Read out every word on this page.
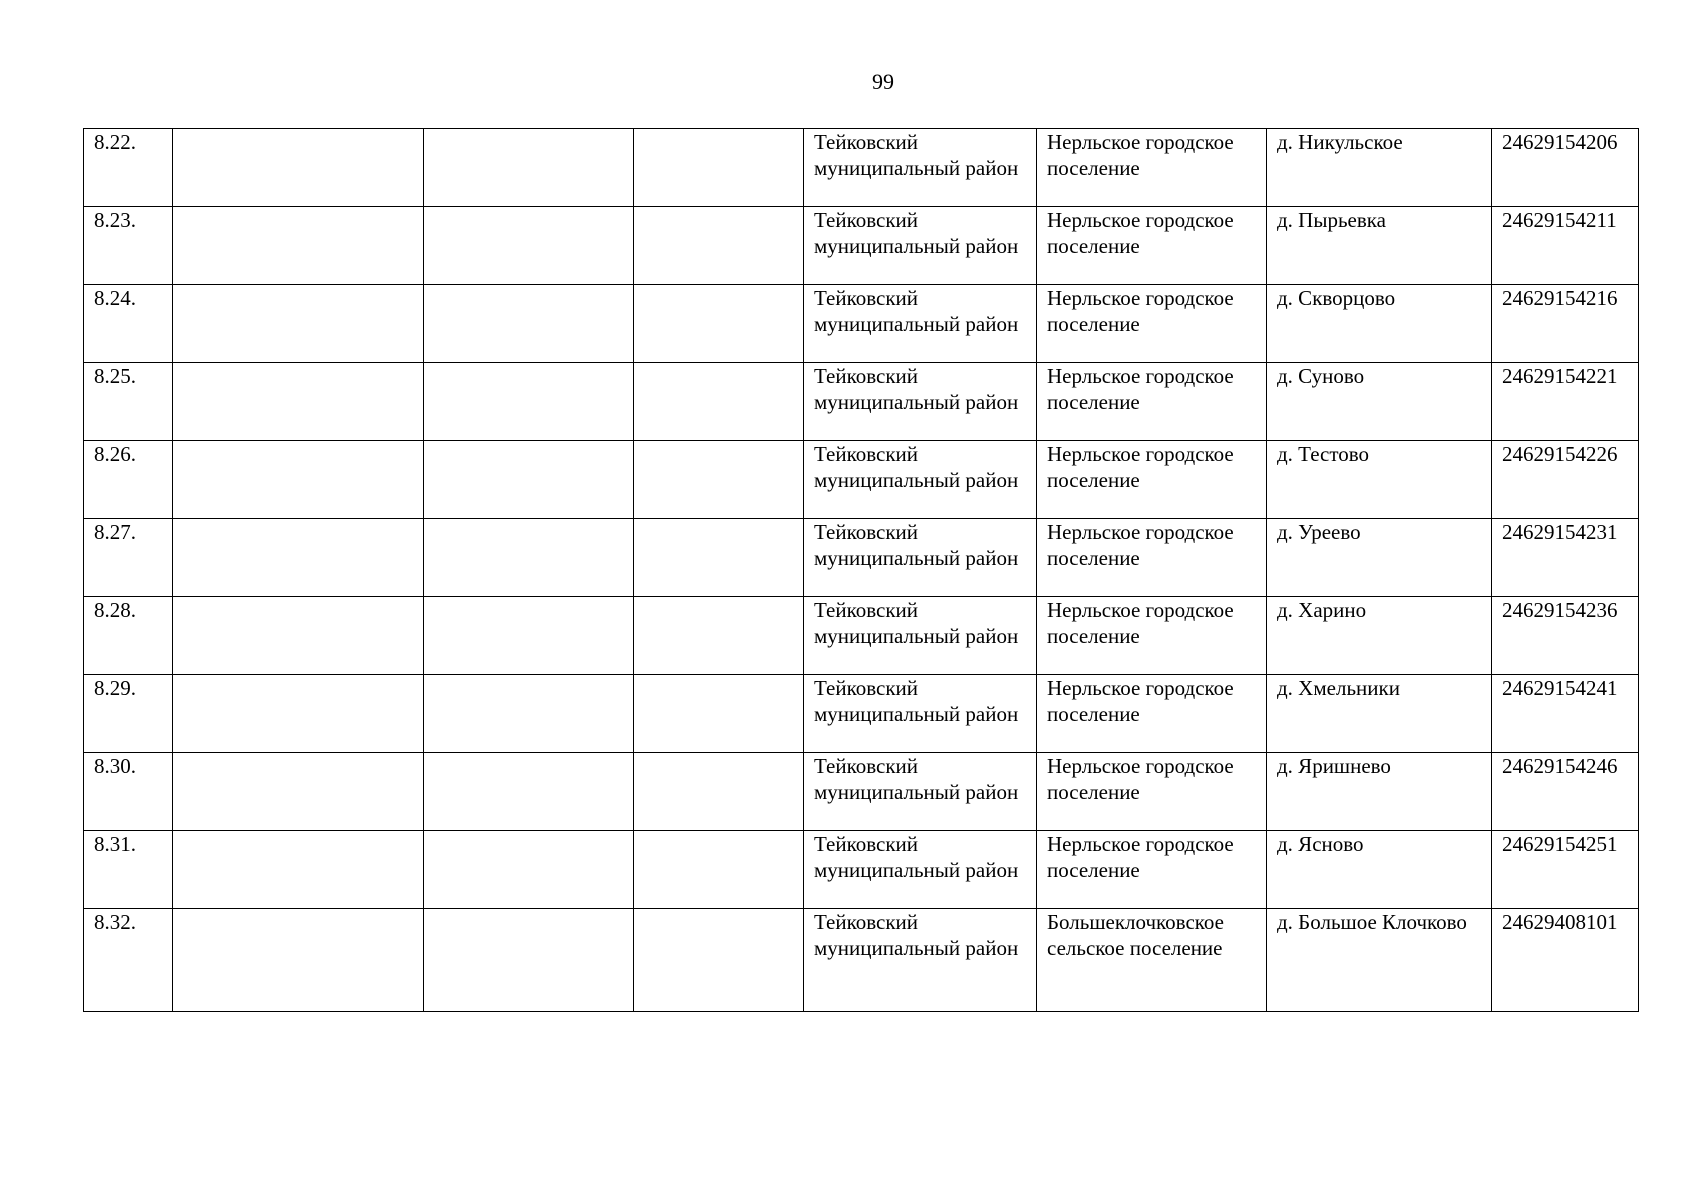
99
8.22.				Тейковский муниципальный район	Нерльское городское поселение	д. Никульское	24629154206
8.23.				Тейковский муниципальный район	Нерльское городское поселение	д. Пырьевка	24629154211
8.24.				Тейковский муниципальный район	Нерльское городское поселение	д. Скворцово	24629154216
8.25.				Тейковский муниципальный район	Нерльское городское поселение	д. Суново	24629154221
8.26.				Тейковский муниципальный район	Нерльское городское поселение	д. Тестово	24629154226
8.27.				Тейковский муниципальный район	Нерльское городское поселение	д. Уреево	24629154231
8.28.				Тейковский муниципальный район	Нерльское городское поселение	д. Харино	24629154236
8.29.				Тейковский муниципальный район	Нерльское городское поселение	д. Хмельники	24629154241
8.30.				Тейковский муниципальный район	Нерльское городское поселение	д. Яришнево	24629154246
8.31.				Тейковский муниципальный район	Нерльское городское поселение	д. Ясново	24629154251
8.32.				Тейковский муниципальный район	Большеклочковское сельское поселение	д. Большое Клочково	24629408101
